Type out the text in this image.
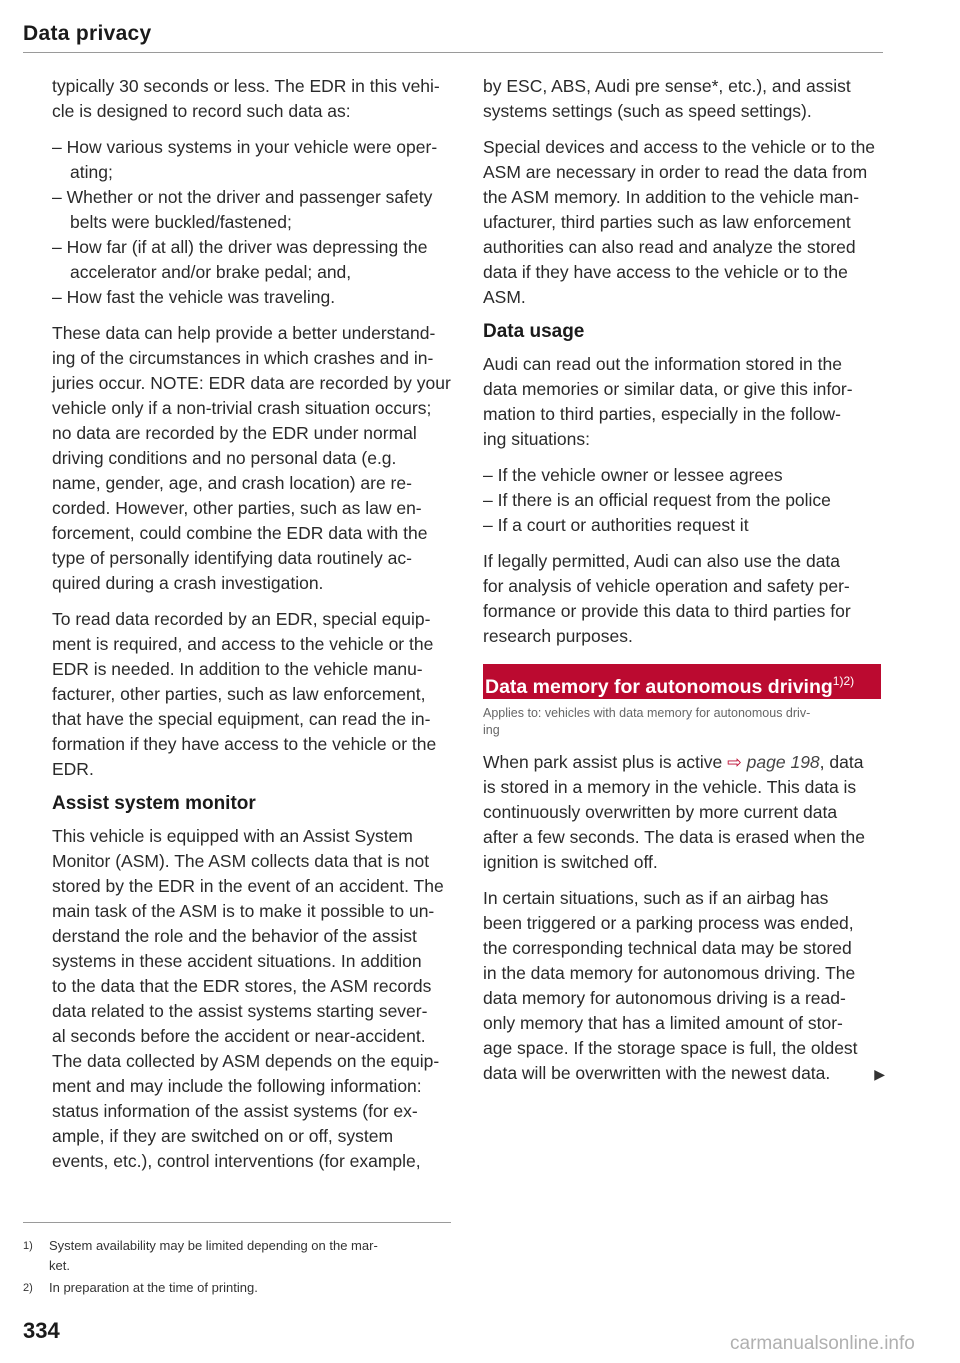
Data privacy
typically 30 seconds or less. The EDR in this vehi-
cle is designed to record such data as:
– How various systems in your vehicle were oper-
ating;
– Whether or not the driver and passenger safety
belts were buckled/fastened;
– How far (if at all) the driver was depressing the
accelerator and/or brake pedal; and,
– How fast the vehicle was traveling.
These data can help provide a better understand-
ing of the circumstances in which crashes and in-
juries occur. NOTE: EDR data are recorded by your
vehicle only if a non-trivial crash situation occurs;
no data are recorded by the EDR under normal
driving conditions and no personal data (e.g.
name, gender, age, and crash location) are re-
corded. However, other parties, such as law en-
forcement, could combine the EDR data with the
type of personally identifying data routinely ac-
quired during a crash investigation.
To read data recorded by an EDR, special equip-
ment is required, and access to the vehicle or the
EDR is needed. In addition to the vehicle manu-
facturer, other parties, such as law enforcement,
that have the special equipment, can read the in-
formation if they have access to the vehicle or the
EDR.
Assist system monitor
This vehicle is equipped with an Assist System
Monitor (ASM). The ASM collects data that is not
stored by the EDR in the event of an accident. The
main task of the ASM is to make it possible to un-
derstand the role and the behavior of the assist
systems in these accident situations. In addition
to the data that the EDR stores, the ASM records
data related to the assist systems starting sever-
al seconds before the accident or near-accident.
The data collected by ASM depends on the equip-
ment and may include the following information:
status information of the assist systems (for ex-
ample, if they are switched on or off, system
events, etc.), control interventions (for example,
by ESC, ABS, Audi pre sense*, etc.), and assist
systems settings (such as speed settings).
Special devices and access to the vehicle or to the
ASM are necessary in order to read the data from
the ASM memory. In addition to the vehicle man-
ufacturer, third parties such as law enforcement
authorities can also read and analyze the stored
data if they have access to the vehicle or to the
ASM.
Data usage
Audi can read out the information stored in the
data memories or similar data, or give this infor-
mation to third parties, especially in the follow-
ing situations:
– If the vehicle owner or lessee agrees
– If there is an official request from the police
– If a court or authorities request it
If legally permitted, Audi can also use the data
for analysis of vehicle operation and safety per-
formance or provide this data to third parties for
research purposes.
Data memory for autonomous driving$^{1)2)}$
Applies to: vehicles with data memory for autonomous driv-
ing
When park assist plus is active ⇨ page 198, data
is stored in a memory in the vehicle. This data is
continuously overwritten by more current data
after a few seconds. The data is erased when the
ignition is switched off.
In certain situations, such as if an airbag has
been triggered or a parking process was ended,
the corresponding technical data may be stored
in the data memory for autonomous driving. The
data memory for autonomous driving is a read-
only memory that has a limited amount of stor-
age space. If the storage space is full, the oldest
data will be overwritten with the newest data.	▶
1) System availability may be limited depending on the mar-
ket.
2) In preparation at the time of printing.
334
carmanualsonline.info
